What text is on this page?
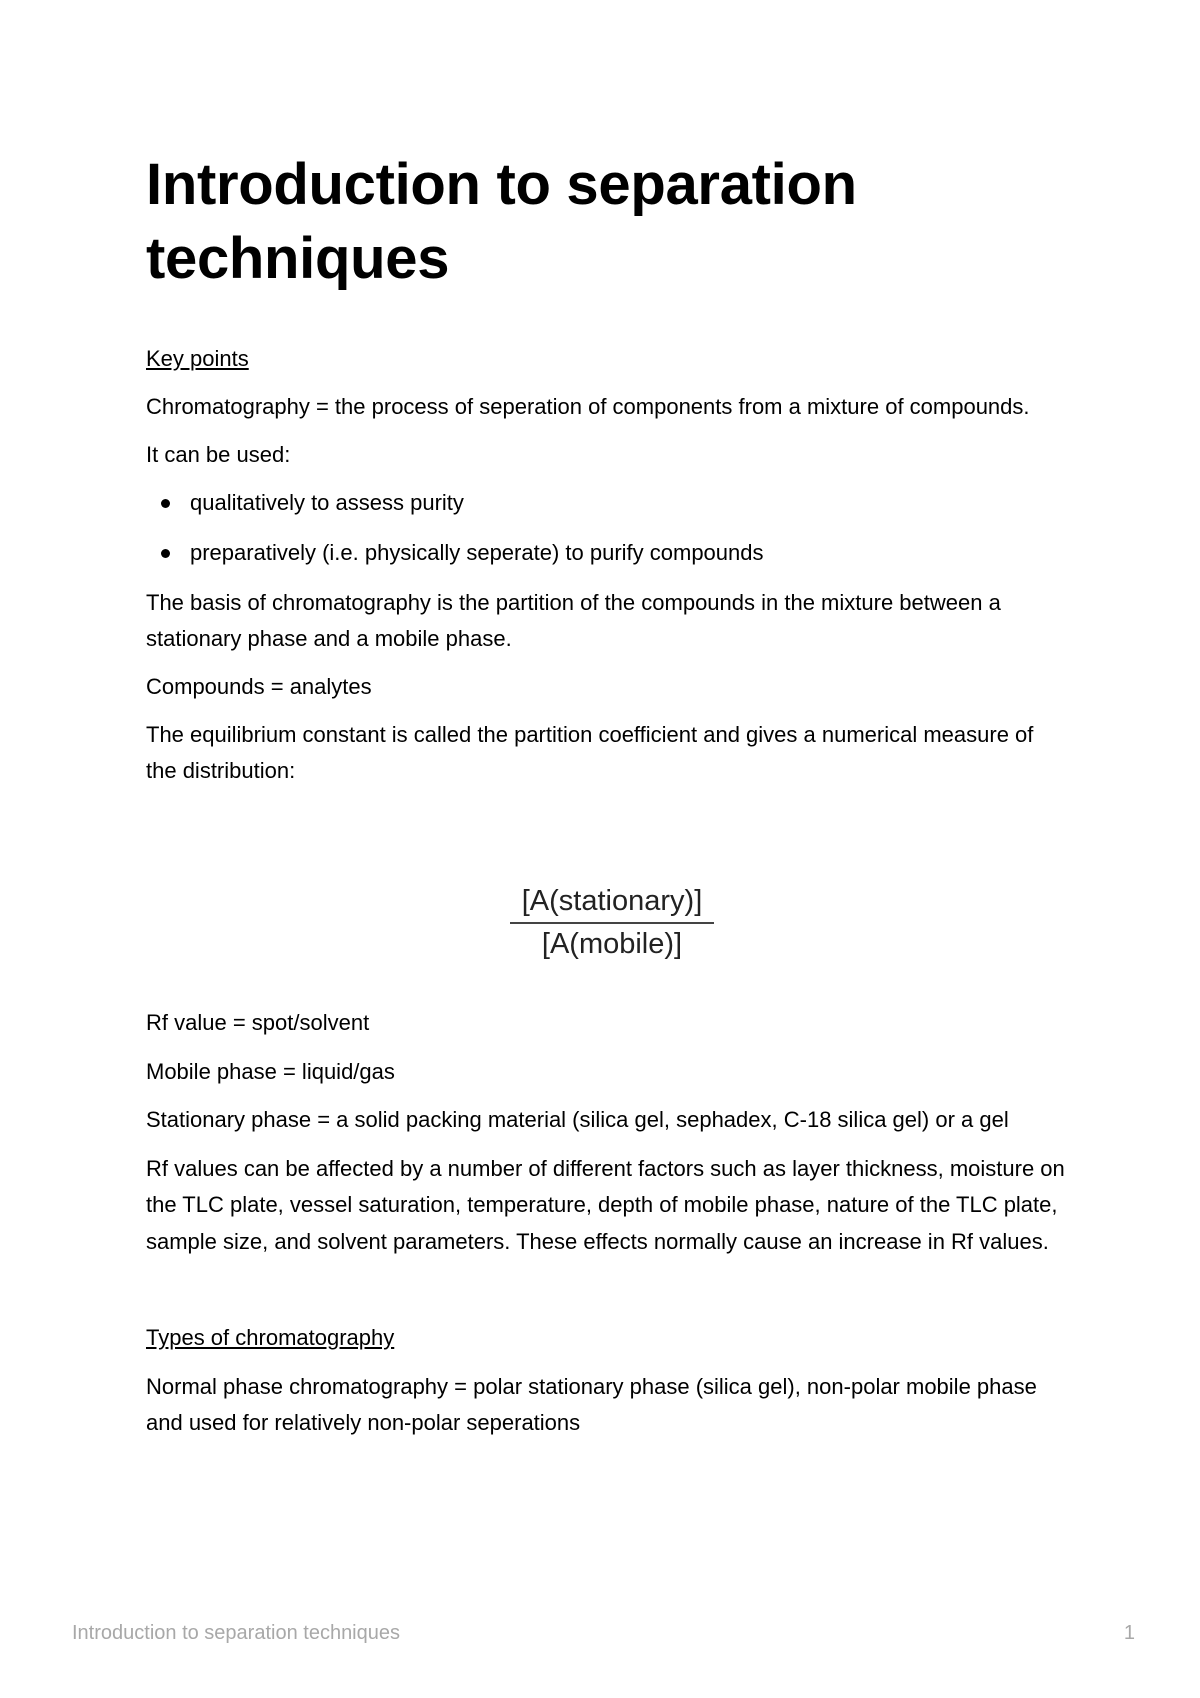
Introduction to separation techniques

Key points

Chromatography = the process of seperation of components from a mixture of compounds.

It can be used:

qualitatively to assess purity
preparatively (i.e. physically seperate) to purify compounds

The basis of chromatography is the partition of the compounds in the mixture between a stationary phase and a mobile phase.

Compounds = analytes

The equilibrium constant is called the partition coefficient and gives a numerical measure of the distribution:

[A(stationary)]
[A(mobile)]

Rf value = spot/solvent

Mobile phase = liquid/gas

Stationary phase = a solid packing material (silica gel, sephadex, C-18 silica gel) or a gel

Rf values can be affected by a number of different factors such as layer thickness, moisture on the TLC plate, vessel saturation, temperature, depth of mobile phase, nature of the TLC plate, sample size, and solvent parameters. These effects normally cause an increase in Rf values.

Types of chromatography

Normal phase chromatography = polar stationary phase (silica gel), non-polar mobile phase and used for relatively non-polar seperations

Introduction to separation techniques	1
